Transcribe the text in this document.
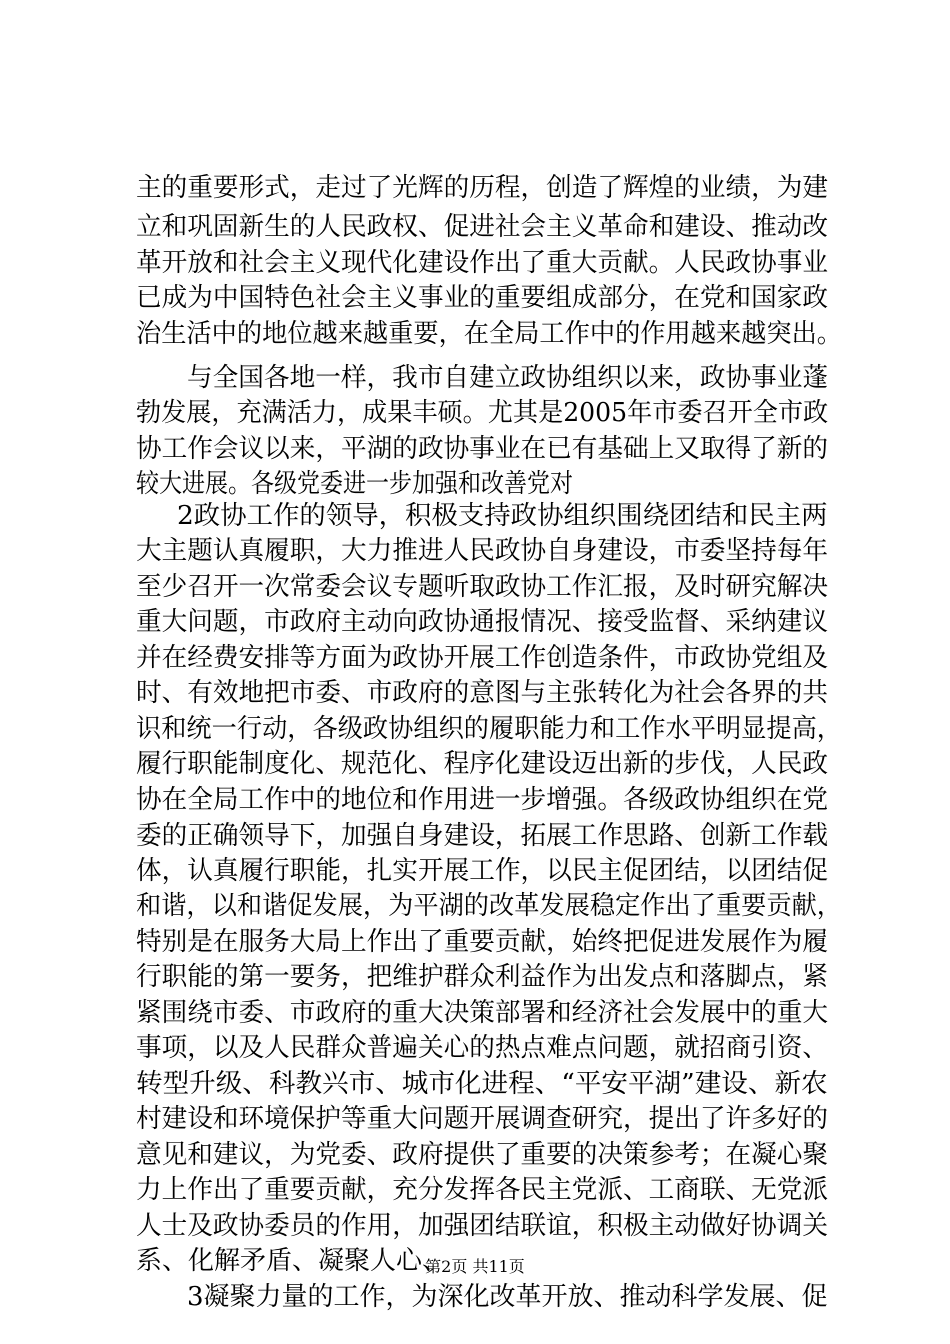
主的重要形式，走过了光辉的历程，创造了辉煌的业绩，为建
立和巩固新生的人民政权、促进社会主义革命和建设、推动改
革开放和社会主义现代化建设作出了重大贡献。人民政协事业
已成为中国特色社会主义事业的重要组成部分，在党和国家政
治生活中的地位越来越重要，在全局工作中的作用越来越突出。
与全国各地一样，我市自建立政协组织以来，政协事业蓬
勃发展，充满活力，成果丰硕。尤其是2005年市委召开全市政
协工作会议以来，平湖的政协事业在已有基础上又取得了新的
较大进展。各级党委进一步加强和改善党对
2政协工作的领导，积极支持政协组织围绕团结和民主两
大主题认真履职，大力推进人民政协自身建设，市委坚持每年
至少召开一次常委会议专题听取政协工作汇报，及时研究解决
重大问题，市政府主动向政协通报情况、接受监督、采纳建议
并在经费安排等方面为政协开展工作创造条件，市政协党组及
时、有效地把市委、市政府的意图与主张转化为社会各界的共
识和统一行动，各级政协组织的履职能力和工作水平明显提高，
履行职能制度化、规范化、程序化建设迈出新的步伐，人民政
协在全局工作中的地位和作用进一步增强。各级政协组织在党
委的正确领导下，加强自身建设，拓展工作思路、创新工作载
体，认真履行职能，扎实开展工作，以民主促团结，以团结促
和谐，以和谐促发展，为平湖的改革发展稳定作出了重要贡献，
特别是在服务大局上作出了重要贡献，始终把促进发展作为履
行职能的第一要务，把维护群众利益作为出发点和落脚点，紧
紧围绕市委、市政府的重大决策部署和经济社会发展中的重大
事项，以及人民群众普遍关心的热点难点问题，就招商引资、
转型升级、科教兴市、城市化进程、“平安平湖”建设、新农
村建设和环境保护等重大问题开展调查研究，提出了许多好的
意见和建议，为党委、政府提供了重要的决策参考；在凝心聚
力上作出了重要贡献，充分发挥各民主党派、工商联、无党派
人士及政协委员的作用，加强团结联谊，积极主动做好协调关
系、化解矛盾、凝聚人心、
3凝聚力量的工作，为深化改革开放、推动科学发展、促
第2页 共11页
